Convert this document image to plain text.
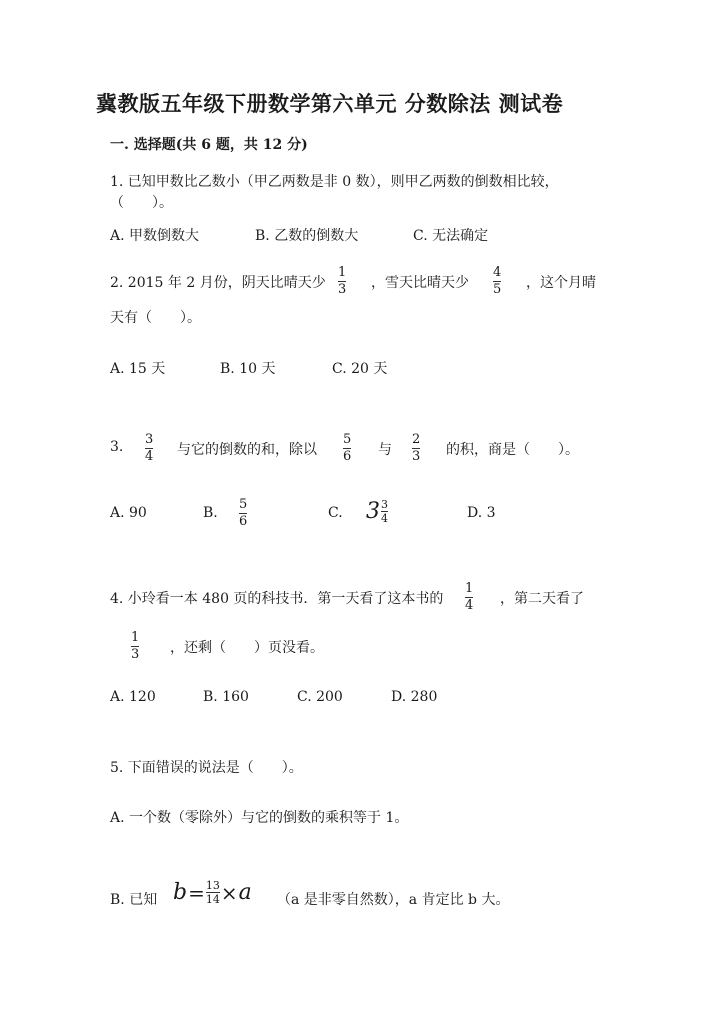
冀教版五年级下册数学第六单元 分数除法 测试卷
一. 选择题(共 6 题，共 12 分)
1. 已知甲数比乙数小（甲乙两数是非 0 数），则甲乙两数的倒数相比较，
（　　）。
A. 甲数倒数大	B. 乙数的倒数大	C. 无法确定
2. 2015 年 2 月份，阴天比晴天少
1
3 ，雪天比晴天少
4
5 ，这个月晴
天有（　　）。
A. 15 天	B. 10 天	C. 20 天
3. 3
4 与它的倒数的和，除以
5
6 与
2
3 的积，商是（　　）。
A. 90	B.
5
6
C. $3 \frac{3}{4}$	D. 3
4. 小玲看一本 480 页的科技书．第一天看了这本书的
1
4 ，第二天看了
1
3 ，还剩（　　）页没看。
A. 120	B. 160	C. 200	D. 280
5. 下面错误的说法是（　　）。
A. 一个数（零除外）与它的倒数的乘积等于 1。
B. 已知 $b = \frac{13}{14} \times a$ （a 是非零自然数），a 肯定比 b 大。
